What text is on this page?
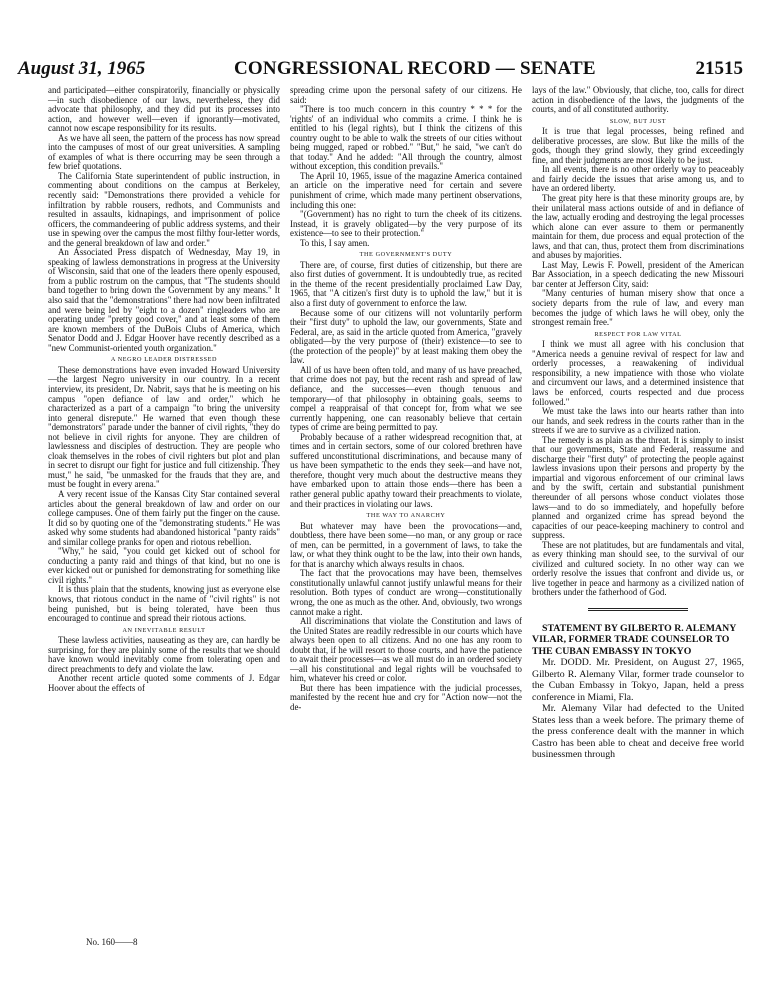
August 31, 1965	CONGRESSIONAL RECORD — SENATE	21515

and participated—either conspiratorily, financially or physically—in such disobedience of our laws, nevertheless, they did advocate that philosophy, and they did put its processes into action, and however well—even if ignorantly—motivated, cannot now escape responsibility for its results.

As we have all seen, the pattern of the process has now spread into the campuses of most of our great universities. A sampling of examples of what is there occurring may be seen through a few brief quotations.

The California State superintendent of public instruction, in commenting about conditions on the campus at Berkeley, recently said: "Demonstrations there provided a vehicle for infiltration by rabble rousers, redhots, and Communists and resulted in assaults, kidnapings, and imprisonment of police officers, the commandeering of public address systems, and their use in spewing over the campus the most filthy four-letter words, and the general breakdown of law and order."

An Associated Press dispatch of Wednesday, May 19, in speaking of lawless demonstrations in progress at the University of Wisconsin, said that one of the leaders there openly espoused, from a public rostrum on the campus, that "The students should band together to bring down the Government by any means." It also said that the "demonstrations" there had now been infiltrated and were being led by "eight to a dozen" ringleaders who are operating under "pretty good cover," and at least some of them are known members of the DuBois Clubs of America, which Senator Dodd and J. Edgar Hoover have recently described as a "new Communist-oriented youth organization."

A NEGRO LEADER DISTRESSED

These demonstrations have even invaded Howard University—the largest Negro university in our country. In a recent interview, its president, Dr. Nabrit, says that he is meeting on his campus "open defiance of law and order," which he characterized as a part of a campaign "to bring the university into general disrepute." He warned that even though these "demonstrators" parade under the banner of civil rights, "they do not believe in civil rights for anyone. They are children of lawlessness and disciples of destruction. They are people who cloak themselves in the robes of civil righters but plot and plan in secret to disrupt our fight for justice and full citizenship. They must," he said, "be unmasked for the frauds that they are, and must be fought in every arena."

A very recent issue of the Kansas City Star contained several articles about the general breakdown of law and order on our college campuses. One of them fairly put the finger on the cause. It did so by quoting one of the "demonstrating students." He was asked why some students had abandoned historical "panty raids" and similar college pranks for open and riotous rebellion.

"Why," he said, "you could get kicked out of school for conducting a panty raid and things of that kind, but no one is ever kicked out or punished for demonstrating for something like civil rights."

It is thus plain that the students, knowing just as everyone else knows, that riotous conduct in the name of "civil rights" is not being punished, but is being tolerated, have been thus encouraged to continue and spread their riotous actions.

AN INEVITABLE RESULT

These lawless activities, nauseating as they are, can hardly be surprising, for they are plainly some of the results that we should have known would inevitably come from tolerating open and direct preachments to defy and violate the law.

Another recent article quoted some comments of J. Edgar Hoover about the effects of

spreading crime upon the personal safety of our citizens. He said:

"There is too much concern in this country * * * for the 'rights' of an individual who commits a crime. I think he is entitled to his (legal rights), but I think the citizens of this country ought to be able to walk the streets of our cities without being mugged, raped or robbed." "But," he said, "we can't do that today." And he added: "All through the country, almost without exception, this condition prevails."

The April 10, 1965, issue of the magazine America contained an article on the imperative need for certain and severe punishment of crime, which made many pertinent observations, including this one:

"(Government) has no right to turn the cheek of its citizens. Instead, it is gravely obligated—by the very purpose of its existence—to see to their protection."

To this, I say amen.

THE GOVERNMENT'S DUTY

There are, of course, first duties of citizenship, but there are also first duties of government. It is undoubtedly true, as recited in the theme of the recent presidentially proclaimed Law Day, 1965, that "A citizen's first duty is to uphold the law," but it is also a first duty of government to enforce the law.

Because some of our citizens will not voluntarily perform their "first duty" to uphold the law, our governments, State and Federal, are, as said in the article quoted from America, "gravely obligated—by the very purpose of (their) existence—to see to (the protection of the people)" by at least making them obey the law.

All of us have been often told, and many of us have preached, that crime does not pay, but the recent rash and spread of law defiance, and the successes—even though tenuous and temporary—of that philosophy in obtaining goals, seems to compel a reappraisal of that concept for, from what we see currently happening, one can reasonably believe that certain types of crime are being permitted to pay.

Probably because of a rather widespread recognition that, at times and in certain sectors, some of our colored brethren have suffered unconstitutional discriminations, and because many of us have been sympathetic to the ends they seek—and have not, therefore, thought very much about the destructive means they have embarked upon to attain those ends—there has been a rather general public apathy toward their preachments to violate, and their practices in violating our laws.

THE WAY TO ANARCHY

But whatever may have been the provocations—and, doubtless, there have been some—no man, or any group or race of men, can be permitted, in a government of laws, to take the law, or what they think ought to be the law, into their own hands, for that is anarchy which always results in chaos.

The fact that the provocations may have been, themselves constitutionally unlawful cannot justify unlawful means for their resolution. Both types of conduct are wrong—constitutionally wrong, the one as much as the other. And, obviously, two wrongs cannot make a right.

All discriminations that violate the Constitution and laws of the United States are readily redressible in our courts which have always been open to all citizens. And no one has any room to doubt that, if he will resort to those courts, and have the patience to await their processes—as we all must do in an ordered society—all his constitutional and legal rights will be vouchsafed to him, whatever his creed or color.

But there has been impatience with the judicial processes, manifested by the recent hue and cry for "Action now—not the de-

lays of the law." Obviously, that cliche, too, calls for direct action in disobedience of the laws, the judgments of the courts, and of all constituted authority.

SLOW, BUT JUST

It is true that legal processes, being refined and deliberative processes, are slow. But like the mills of the gods, though they grind slowly, they grind exceedingly fine, and their judgments are most likely to be just.

In all events, there is no other orderly way to peaceably and fairly decide the issues that arise among us, and to have an ordered liberty.

The great pity here is that these minority groups are, by their unilateral mass actions outside of and in defiance of the law, actually eroding and destroying the legal processes which alone can ever assure to them or permanently maintain for them, due process and equal protection of the laws, and that can, thus, protect them from discriminations and abuses by majorities.

Last May, Lewis F. Powell, president of the American Bar Association, in a speech dedicating the new Missouri bar center at Jefferson City, said:

"Many centuries of human misery show that once a society departs from the rule of law, and every man becomes the judge of which laws he will obey, only the strongest remain free."

RESPECT FOR LAW VITAL

I think we must all agree with his conclusion that "America needs a genuine revival of respect for law and orderly processes, a reawakening of individual responsibility, a new impatience with those who violate and circumvent our laws, and a determined insistence that laws be enforced, courts respected and due process followed."

We must take the laws into our hearts rather than into our hands, and seek redress in the courts rather than in the streets if we are to survive as a civilized nation.

The remedy is as plain as the threat. It is simply to insist that our governments, State and Federal, reassume and discharge their "first duty" of protecting the people against lawless invasions upon their persons and property by the impartial and vigorous enforcement of our criminal laws and by the swift, certain and substantial punishment thereunder of all persons whose conduct violates those laws—and to do so immediately, and hopefully before planned and organized crime has spread beyond the capacities of our peace-keeping machinery to control and suppress.

These are not platitudes, but are fundamentals and vital, as every thinking man should see, to the survival of our civilized and cultured society. In no other way can we orderly resolve the issues that confront and divide us, or live together in peace and harmony as a civilized nation of brothers under the fatherhood of God.

STATEMENT BY GILBERTO R. ALEMANY VILAR, FORMER TRADE COUNSELOR TO THE CUBAN EMBASSY IN TOKYO

Mr. DODD. Mr. President, on August 27, 1965, Gilberto R. Alemany Vilar, former trade counselor to the Cuban Embassy in Tokyo, Japan, held a press conference in Miami, Fla.

Mr. Alemany Vilar had defected to the United States less than a week before. The primary theme of the press conference dealt with the manner in which Castro has been able to cheat and deceive free world businessmen through

No. 160——8
